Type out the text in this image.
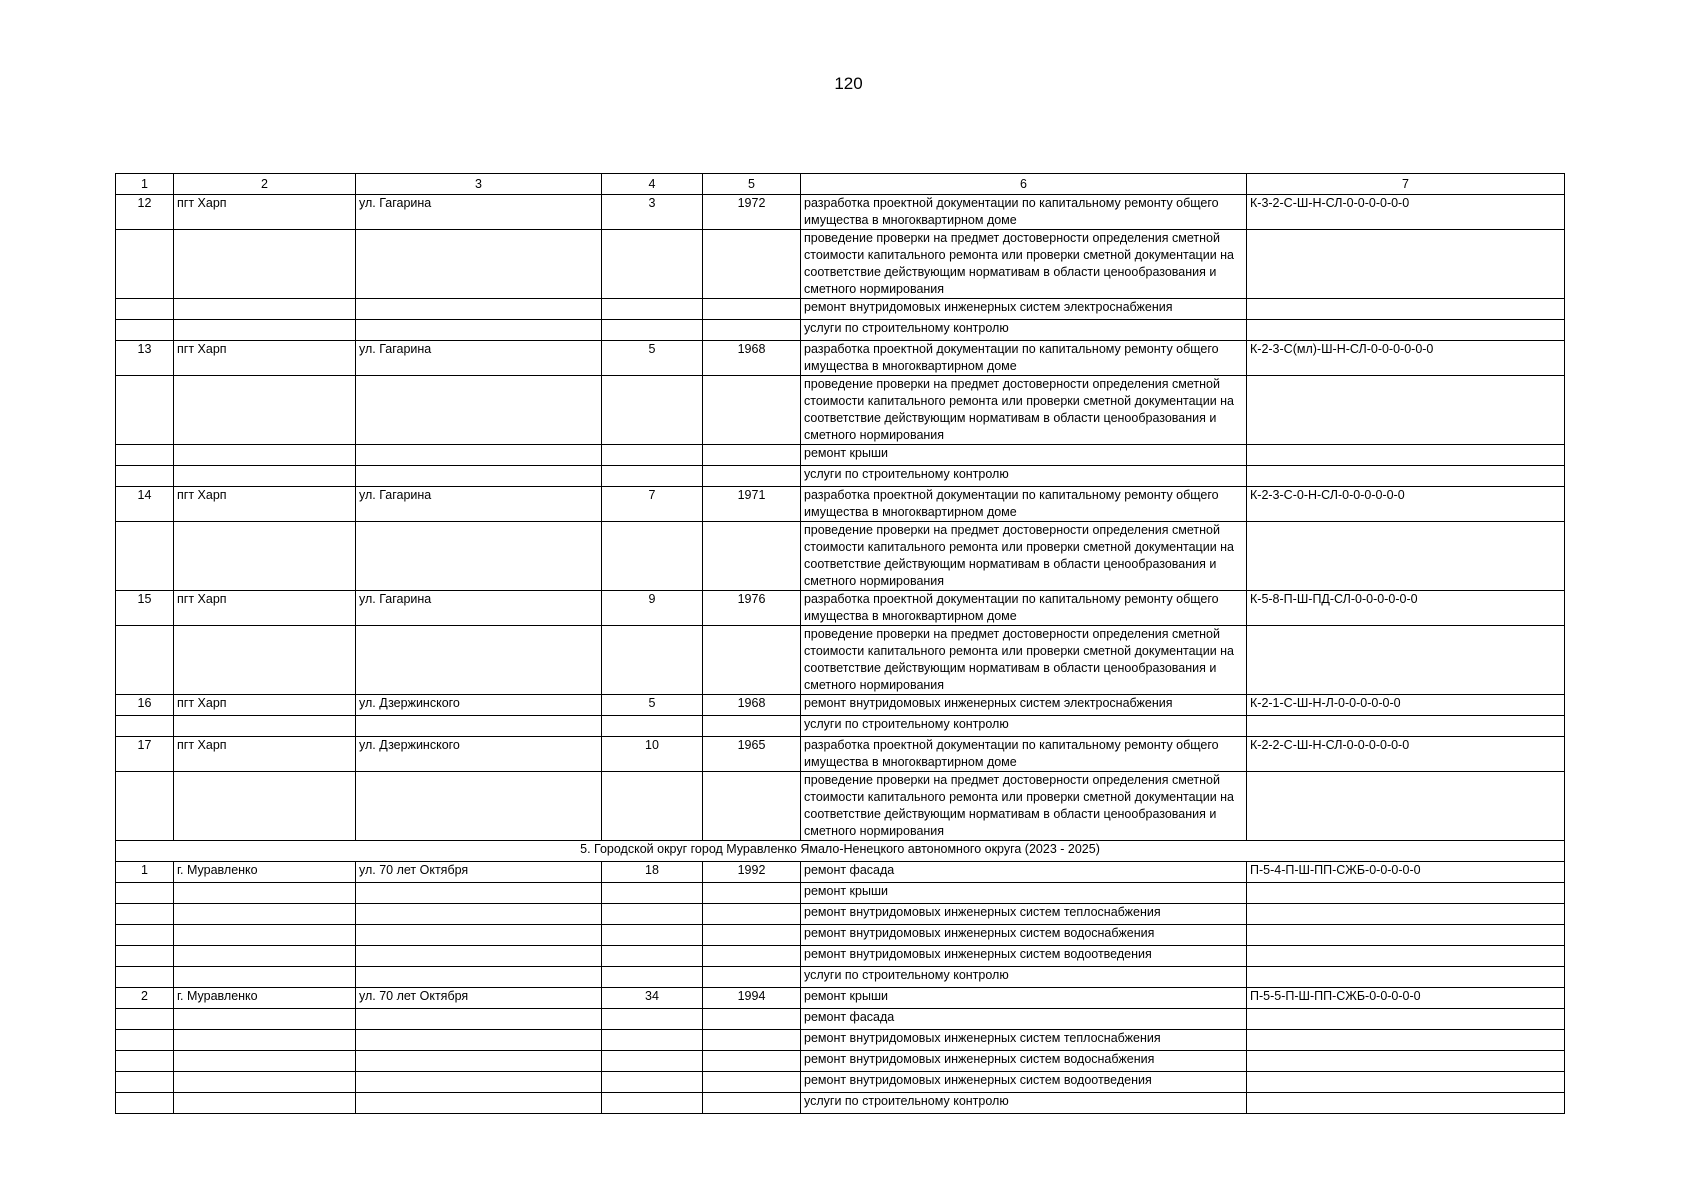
120
1	2	3	4	5	6	7
12	пгт Харп	ул. Гагарина	3	1972	разработка проектной документации по капитальному ремонту общего имущества в многоквартирном доме	К-3-2-С-Ш-Н-СЛ-0-0-0-0-0-0
					проведение проверки на предмет достоверности определения сметной стоимости капитального ремонта или проверки сметной документации на соответствие действующим нормативам в области ценообразования и сметного нормирования	
					ремонт внутридомовых инженерных систем электроснабжения	
					услуги по строительному контролю	
13	пгт Харп	ул. Гагарина	5	1968	разработка проектной документации по капитальному ремонту общего имущества в многоквартирном доме	К-2-3-С(мл)-Ш-Н-СЛ-0-0-0-0-0-0
					проведение проверки на предмет достоверности определения сметной стоимости капитального ремонта или проверки сметной документации на соответствие действующим нормативам в области ценообразования и сметного нормирования	
					ремонт крыши	
					услуги по строительному контролю	
14	пгт Харп	ул. Гагарина	7	1971	разработка проектной документации по капитальному ремонту общего имущества в многоквартирном доме	К-2-3-С-0-Н-СЛ-0-0-0-0-0-0
					проведение проверки на предмет достоверности определения сметной стоимости капитального ремонта или проверки сметной документации на соответствие действующим нормативам в области ценообразования и сметного нормирования	
15	пгт Харп	ул. Гагарина	9	1976	разработка проектной документации по капитальному ремонту общего имущества в многоквартирном доме	К-5-8-П-Ш-ПД-СЛ-0-0-0-0-0-0
					проведение проверки на предмет достоверности определения сметной стоимости капитального ремонта или проверки сметной документации на соответствие действующим нормативам в области ценообразования и сметного нормирования	
16	пгт Харп	ул. Дзержинского	5	1968	ремонт внутридомовых инженерных систем электроснабжения	К-2-1-С-Ш-Н-Л-0-0-0-0-0-0
					услуги по строительному контролю	
17	пгт Харп	ул. Дзержинского	10	1965	разработка проектной документации по капитальному ремонту общего имущества в многоквартирном доме	К-2-2-С-Ш-Н-СЛ-0-0-0-0-0-0
					проведение проверки на предмет достоверности определения сметной стоимости капитального ремонта или проверки сметной документации на соответствие действующим нормативам в области ценообразования и сметного нормирования	
5. Городской округ город Муравленко Ямало-Ненецкого автономного округа (2023 - 2025)						
1	г. Муравленко	ул. 70 лет Октября	18	1992	ремонт фасада	П-5-4-П-Ш-ПП-СЖБ-0-0-0-0-0
					ремонт крыши	
					ремонт внутридомовых инженерных систем теплоснабжения	
					ремонт внутридомовых инженерных систем водоснабжения	
					ремонт внутридомовых инженерных систем водоотведения	
					услуги по строительному контролю	
2	г. Муравленко	ул. 70 лет Октября	34	1994	ремонт крыши	П-5-5-П-Ш-ПП-СЖБ-0-0-0-0-0
					ремонт фасада	
					ремонт внутридомовых инженерных систем теплоснабжения	
					ремонт внутридомовых инженерных систем водоснабжения	
					ремонт внутридомовых инженерных систем водоотведения	
					услуги по строительному контролю	
